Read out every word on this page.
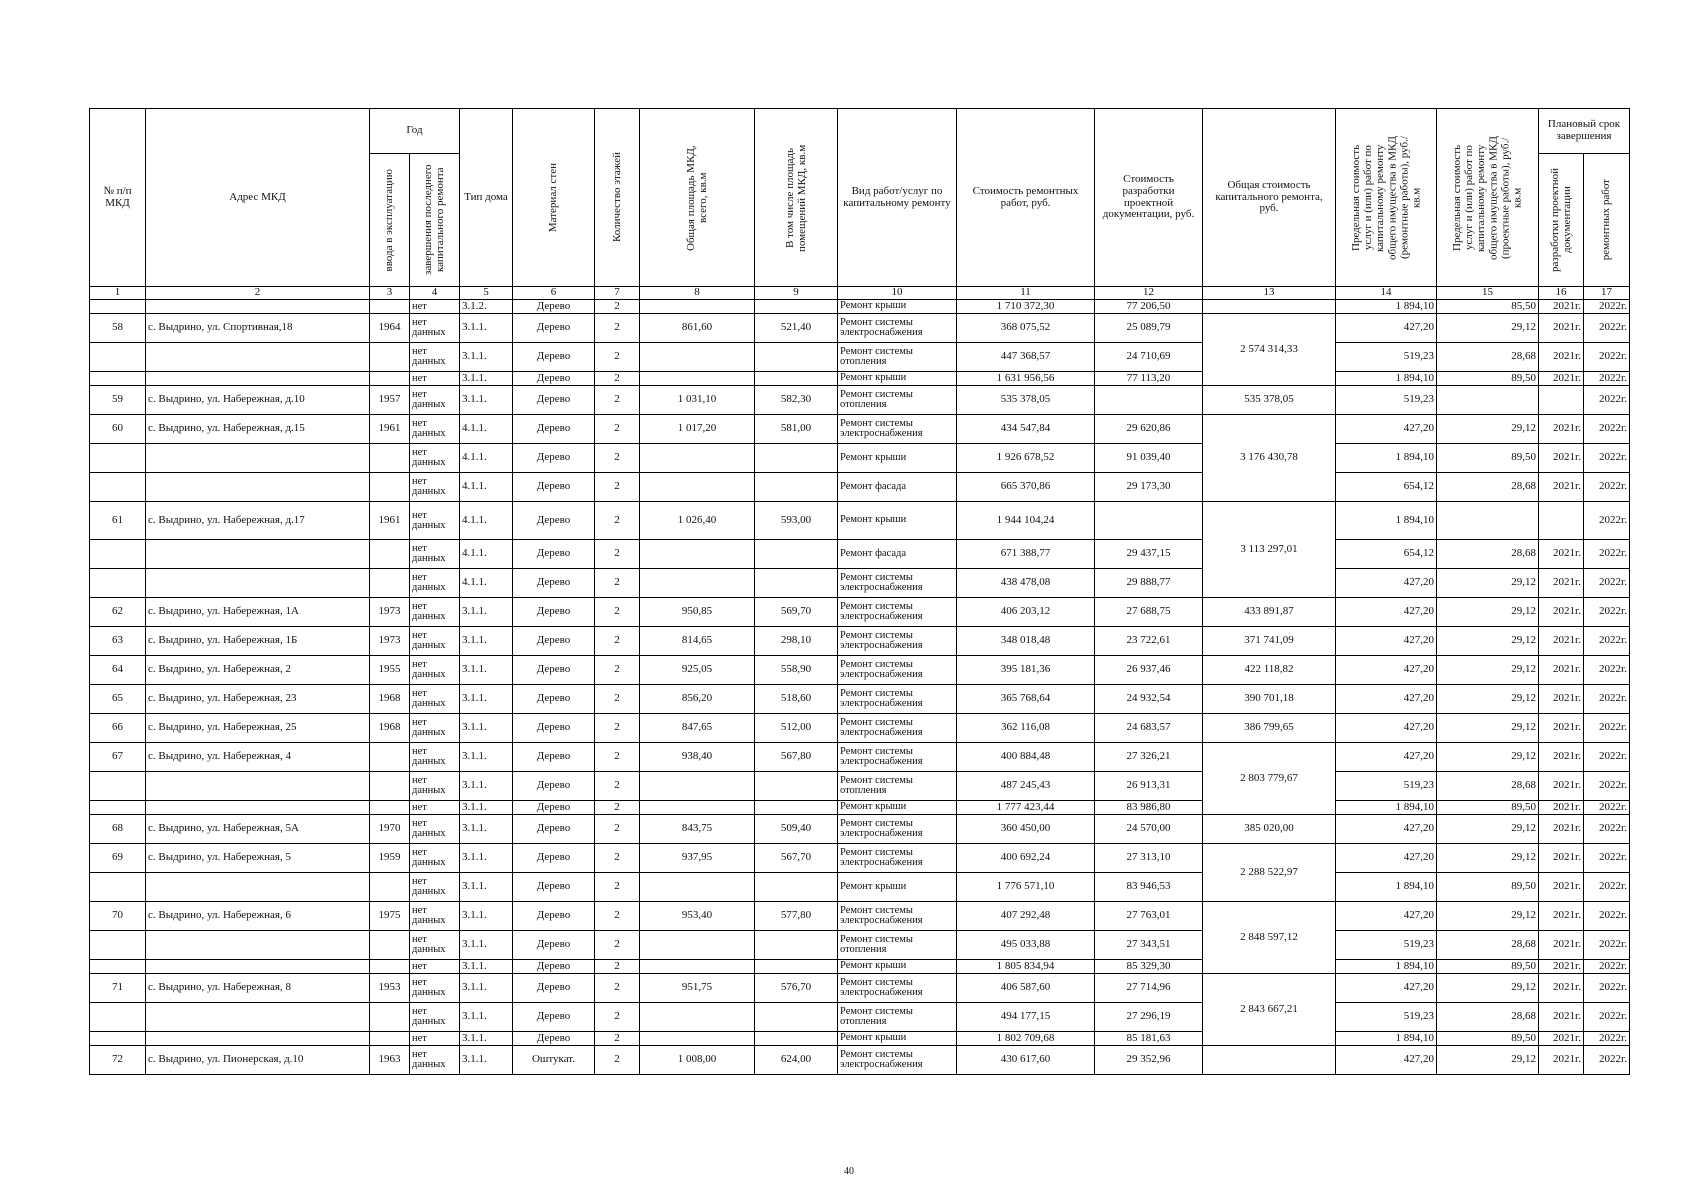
№ п/п МКД	Адрес МКД	Год		Тип дома	Материал стен	Количество этажей	Общая площадь МКД, всего, кв.м	В том числе площадь помещений МКД, кв.м	Вид работ/услуг по капитальному ремонту	Стоимость ремонтных работ, руб.	Стоимость разработки проектной документации, руб.	Общая стоимость капитального ремонта, руб.	Предельная стоимость услуг и (или) работ по капитальному ремонту общего имущества в МКД (ремонтные работы), руб./кв.м	Предельная стоимость услуг и (или) работ по капитальному ремонту общего имущества в МКД (проектные работы), руб./кв.м	Плановый срок завершения	

		ввода в эксплуатацию	завершения последнего капитального ремонта												разработки проектной документации	ремонтных работ

1	2	3	4	5	6	7	8	9	10	11	12	13	14	15	16	17
			нет	3.1.2.	Дерево	2			Ремонт крыши	1 710 372,30	77 206,50		1 894,10	85,50	2021г.	2022г.
58	с. Выдрино, ул. Спортивная,18	1964	нет данных	3.1.1.	Дерево	2	861,60	521,40	Ремонт системы электроснабжения	368 075,52	25 089,79	2 574 314,33	427,20	29,12	2021г.	2022г.
			нет данных	3.1.1.	Дерево	2			Ремонт системы отопления	447 368,57	24 710,69		519,23	28,68	2021г.	2022г.
			нет	3.1.1.	Дерево	2			Ремонт крыши	1 631 956,56	77 113,20		1 894,10	89,50	2021г.	2022г.
59	с. Выдрино, ул. Набережная, д.10	1957	нет данных	3.1.1.	Дерево	2	1 031,10	582,30	Ремонт системы отопления	535 378,05		535 378,05	519,23			2022г.
60	с. Выдрино, ул. Набережная, д.15	1961	нет данных	4.1.1.	Дерево	2	1 017,20	581,00	Ремонт системы электроснабжения	434 547,84	29 620,86	3 176 430,78	427,20	29,12	2021г.	2022г.
			нет данных	4.1.1.	Дерево	2			Ремонт крыши	1 926 678,52	91 039,40		1 894,10	89,50	2021г.	2022г.
			нет данных	4.1.1.	Дерево	2			Ремонт фасада	665 370,86	29 173,30		654,12	28,68	2021г.	2022г.
61	с. Выдрино, ул. Набережная, д.17	1961	нет данных	4.1.1.	Дерево	2	1 026,40	593,00	Ремонт крыши	1 944 104,24		3 113 297,01	1 894,10			2022г.
			нет данных	4.1.1.	Дерево	2			Ремонт фасада	671 388,77	29 437,15		654,12	28,68	2021г.	2022г.
			нет данных	4.1.1.	Дерево	2			Ремонт системы электроснабжения	438 478,08	29 888,77		427,20	29,12	2021г.	2022г.
62	с. Выдрино, ул. Набережная, 1А	1973	нет данных	3.1.1.	Дерево	2	950,85	569,70	Ремонт системы электроснабжения	406 203,12	27 688,75	433 891,87	427,20	29,12	2021г.	2022г.
63	с. Выдрино, ул. Набережная, 1Б	1973	нет данных	3.1.1.	Дерево	2	814,65	298,10	Ремонт системы электроснабжения	348 018,48	23 722,61	371 741,09	427,20	29,12	2021г.	2022г.
64	с. Выдрино, ул. Набережная, 2	1955	нет данных	3.1.1.	Дерево	2	925,05	558,90	Ремонт системы электроснабжения	395 181,36	26 937,46	422 118,82	427,20	29,12	2021г.	2022г.
65	с. Выдрино, ул. Набережная, 23	1968	нет данных	3.1.1.	Дерево	2	856,20	518,60	Ремонт системы электроснабжения	365 768,64	24 932,54	390 701,18	427,20	29,12	2021г.	2022г.
66	с. Выдрино, ул. Набережная, 25	1968	нет данных	3.1.1.	Дерево	2	847,65	512,00	Ремонт системы электроснабжения	362 116,08	24 683,57	386 799,65	427,20	29,12	2021г.	2022г.
67	с. Выдрино, ул. Набережная, 4		нет данных	3.1.1.	Дерево	2	938,40	567,80	Ремонт системы электроснабжения	400 884,48	27 326,21	2 803 779,67	427,20	29,12	2021г.	2022г.
			нет данных	3.1.1.	Дерево	2			Ремонт системы отопления	487 245,43	26 913,31		519,23	28,68	2021г.	2022г.
			нет	3.1.1.	Дерево	2			Ремонт крыши	1 777 423,44	83 986,80		1 894,10	89,50	2021г.	2022г.
68	с. Выдрино, ул. Набережная, 5А	1970	нет данных	3.1.1.	Дерево	2	843,75	509,40	Ремонт системы электроснабжения	360 450,00	24 570,00	385 020,00	427,20	29,12	2021г.	2022г.
69	с. Выдрино, ул. Набережная, 5	1959	нет данных	3.1.1.	Дерево	2	937,95	567,70	Ремонт системы электроснабжения	400 692,24	27 313,10	2 288 522,97	427,20	29,12	2021г.	2022г.
			нет данных	3.1.1.	Дерево	2			Ремонт крыши	1 776 571,10	83 946,53		1 894,10	89,50	2021г.	2022г.
70	с. Выдрино, ул. Набережная, 6	1975	нет данных	3.1.1.	Дерево	2	953,40	577,80	Ремонт системы электроснабжения	407 292,48	27 763,01	2 848 597,12	427,20	29,12	2021г.	2022г.
			нет данных	3.1.1.	Дерево	2			Ремонт системы отопления	495 033,88	27 343,51		519,23	28,68	2021г.	2022г.
			нет	3.1.1.	Дерево	2			Ремонт крыши	1 805 834,94	85 329,30		1 894,10	89,50	2021г.	2022г.
71	с. Выдрино, ул. Набережная, 8	1953	нет данных	3.1.1.	Дерево	2	951,75	576,70	Ремонт системы электроснабжения	406 587,60	27 714,96	2 843 667,21	427,20	29,12	2021г.	2022г.
			нет данных	3.1.1.	Дерево	2			Ремонт системы отопления	494 177,15	27 296,19		519,23	28,68	2021г.	2022г.
			нет	3.1.1.	Дерево	2			Ремонт крыши	1 802 709,68	85 181,63		1 894,10	89,50	2021г.	2022г.
72	с. Выдрино, ул. Пионерская, д.10	1963	нет данных	3.1.1.	Оштукат.	2	1 008,00	624,00	Ремонт системы электроснабжения	430 617,60	29 352,96		427,20	29,12	2021г.	2022г.
40
